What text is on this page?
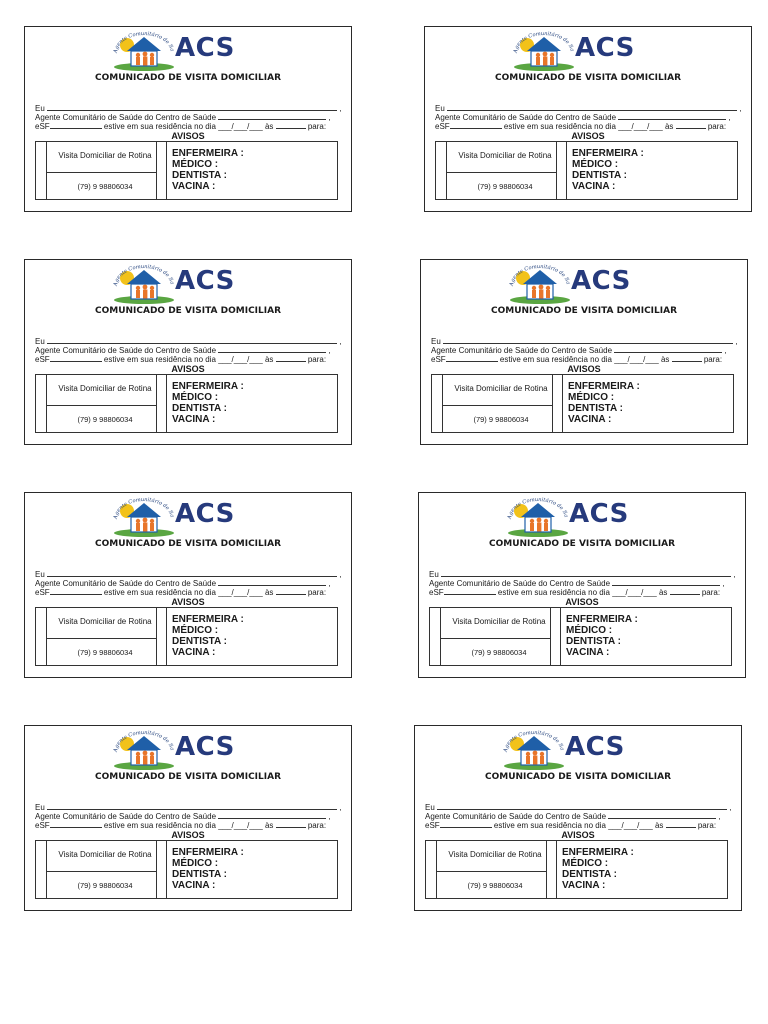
Agente Comunitário de Sa ACS
COMUNICADO DE VISITA DOMICILIAR
Eu	,
Agente Comunitário de Saúde do Centro de Saúde	,
eSF	estive em sua residência no dia ___/___/___ às	para:
AVISOS
Visita Domiciliar de Rotina
(79) 9 98806034
ENFERMEIRA :
MÉDICO :
DENTISTA :
VACINA :
Agente Comunitário de Sa ACS
COMUNICADO DE VISITA DOMICILIAR
Eu	,
Agente Comunitário de Saúde do Centro de Saúde	,
eSF	estive em sua residência no dia ___/___/___ às	para:
AVISOS
Visita Domiciliar de Rotina
(79) 9 98806034
ENFERMEIRA :
MÉDICO :
DENTISTA :
VACINA :
Agente Comunitário de Sa ACS
COMUNICADO DE VISITA DOMICILIAR
Eu	,
Agente Comunitário de Saúde do Centro de Saúde	,
eSF	estive em sua residência no dia ___/___/___ às	para:
AVISOS
Visita Domiciliar de Rotina
(79) 9 98806034
ENFERMEIRA :
MÉDICO :
DENTISTA :
VACINA :
Agente Comunitário de Sa ACS
COMUNICADO DE VISITA DOMICILIAR
Eu	,
Agente Comunitário de Saúde do Centro de Saúde	,
eSF	estive em sua residência no dia ___/___/___ às	para:
AVISOS
Visita Domiciliar de Rotina
(79) 9 98806034
ENFERMEIRA :
MÉDICO :
DENTISTA :
VACINA :
Agente Comunitário de Sa ACS
COMUNICADO DE VISITA DOMICILIAR
Eu	,
Agente Comunitário de Saúde do Centro de Saúde	,
eSF	estive em sua residência no dia ___/___/___ às	para:
AVISOS
Visita Domiciliar de Rotina
(79) 9 98806034
ENFERMEIRA :
MÉDICO :
DENTISTA :
VACINA :
Agente Comunitário de Sa ACS
COMUNICADO DE VISITA DOMICILIAR
Eu	,
Agente Comunitário de Saúde do Centro de Saúde	,
eSF	estive em sua residência no dia ___/___/___ às	para:
AVISOS
Visita Domiciliar de Rotina
(79) 9 98806034
ENFERMEIRA :
MÉDICO :
DENTISTA :
VACINA :
Agente Comunitário de Sa ACS
COMUNICADO DE VISITA DOMICILIAR
Eu	,
Agente Comunitário de Saúde do Centro de Saúde	,
eSF	estive em sua residência no dia ___/___/___ às	para:
AVISOS
Visita Domiciliar de Rotina
(79) 9 98806034
ENFERMEIRA :
MÉDICO :
DENTISTA :
VACINA :
Agente Comunitário de Sa ACS
COMUNICADO DE VISITA DOMICILIAR
Eu	,
Agente Comunitário de Saúde do Centro de Saúde	,
eSF	estive em sua residência no dia ___/___/___ às	para:
AVISOS
Visita Domiciliar de Rotina
(79) 9 98806034
ENFERMEIRA :
MÉDICO :
DENTISTA :
VACINA :
